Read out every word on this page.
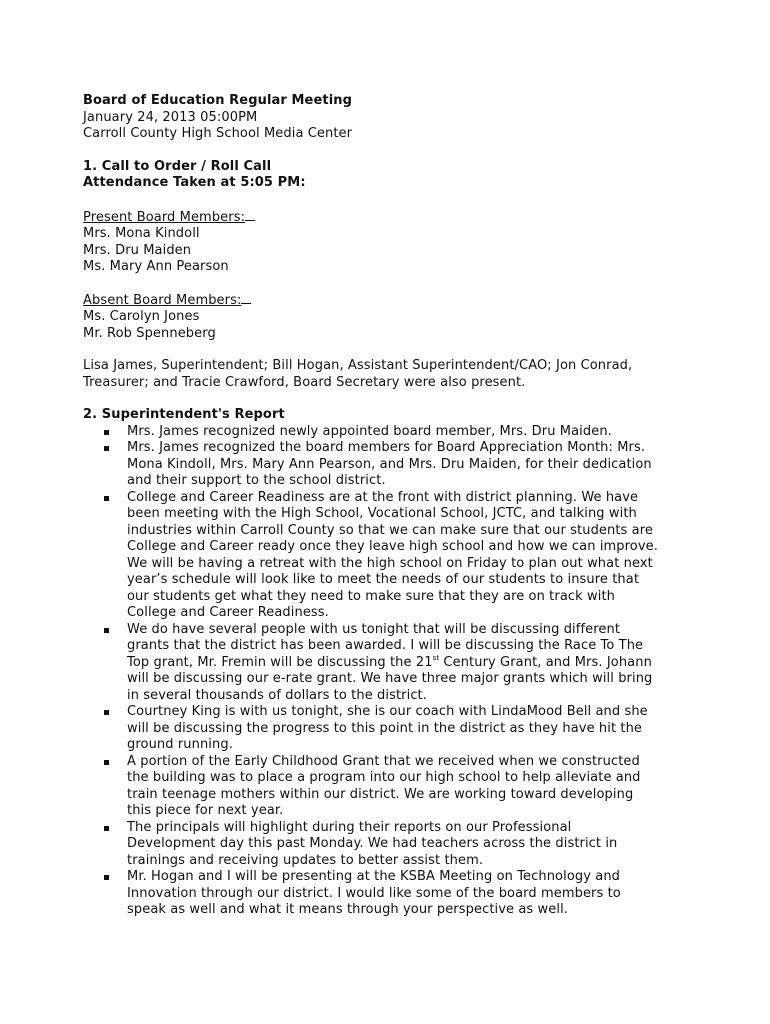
Board of Education Regular Meeting
January 24, 2013 05:00PM
Carroll County High School Media Center
1. Call to Order / Roll Call
Attendance Taken at 5:05 PM:
Present Board Members:
Mrs. Mona Kindoll
Mrs. Dru Maiden
Ms. Mary Ann Pearson
Absent Board Members:
Ms. Carolyn Jones
Mr. Rob Spenneberg
Lisa James, Superintendent; Bill Hogan, Assistant Superintendent/CAO; Jon Conrad,
Treasurer; and Tracie Crawford, Board Secretary were also present.
2. Superintendent's Report
Mrs. James recognized newly appointed board member, Mrs. Dru Maiden.
Mrs. James recognized the board members for Board Appreciation Month: Mrs.
Mona Kindoll, Mrs. Mary Ann Pearson, and Mrs. Dru Maiden, for their dedication
and their support to the school district.
College and Career Readiness are at the front with district planning. We have
been meeting with the High School, Vocational School, JCTC, and talking with
industries within Carroll County so that we can make sure that our students are
College and Career ready once they leave high school and how we can improve.
We will be having a retreat with the high school on Friday to plan out what next
year’s schedule will look like to meet the needs of our students to insure that
our students get what they need to make sure that they are on track with
College and Career Readiness.
We do have several people with us tonight that will be discussing different
grants that the district has been awarded. I will be discussing the Race To The
Top grant, Mr. Fremin will be discussing the 21st Century Grant, and Mrs. Johann
will be discussing our e-rate grant. We have three major grants which will bring
in several thousands of dollars to the district.
Courtney King is with us tonight, she is our coach with LindaMood Bell and she
will be discussing the progress to this point in the district as they have hit the
ground running.
A portion of the Early Childhood Grant that we received when we constructed
the building was to place a program into our high school to help alleviate and
train teenage mothers within our district. We are working toward developing
this piece for next year.
The principals will highlight during their reports on our Professional
Development day this past Monday. We had teachers across the district in
trainings and receiving updates to better assist them.
Mr. Hogan and I will be presenting at the KSBA Meeting on Technology and
Innovation through our district. I would like some of the board members to
speak as well and what it means through your perspective as well.
